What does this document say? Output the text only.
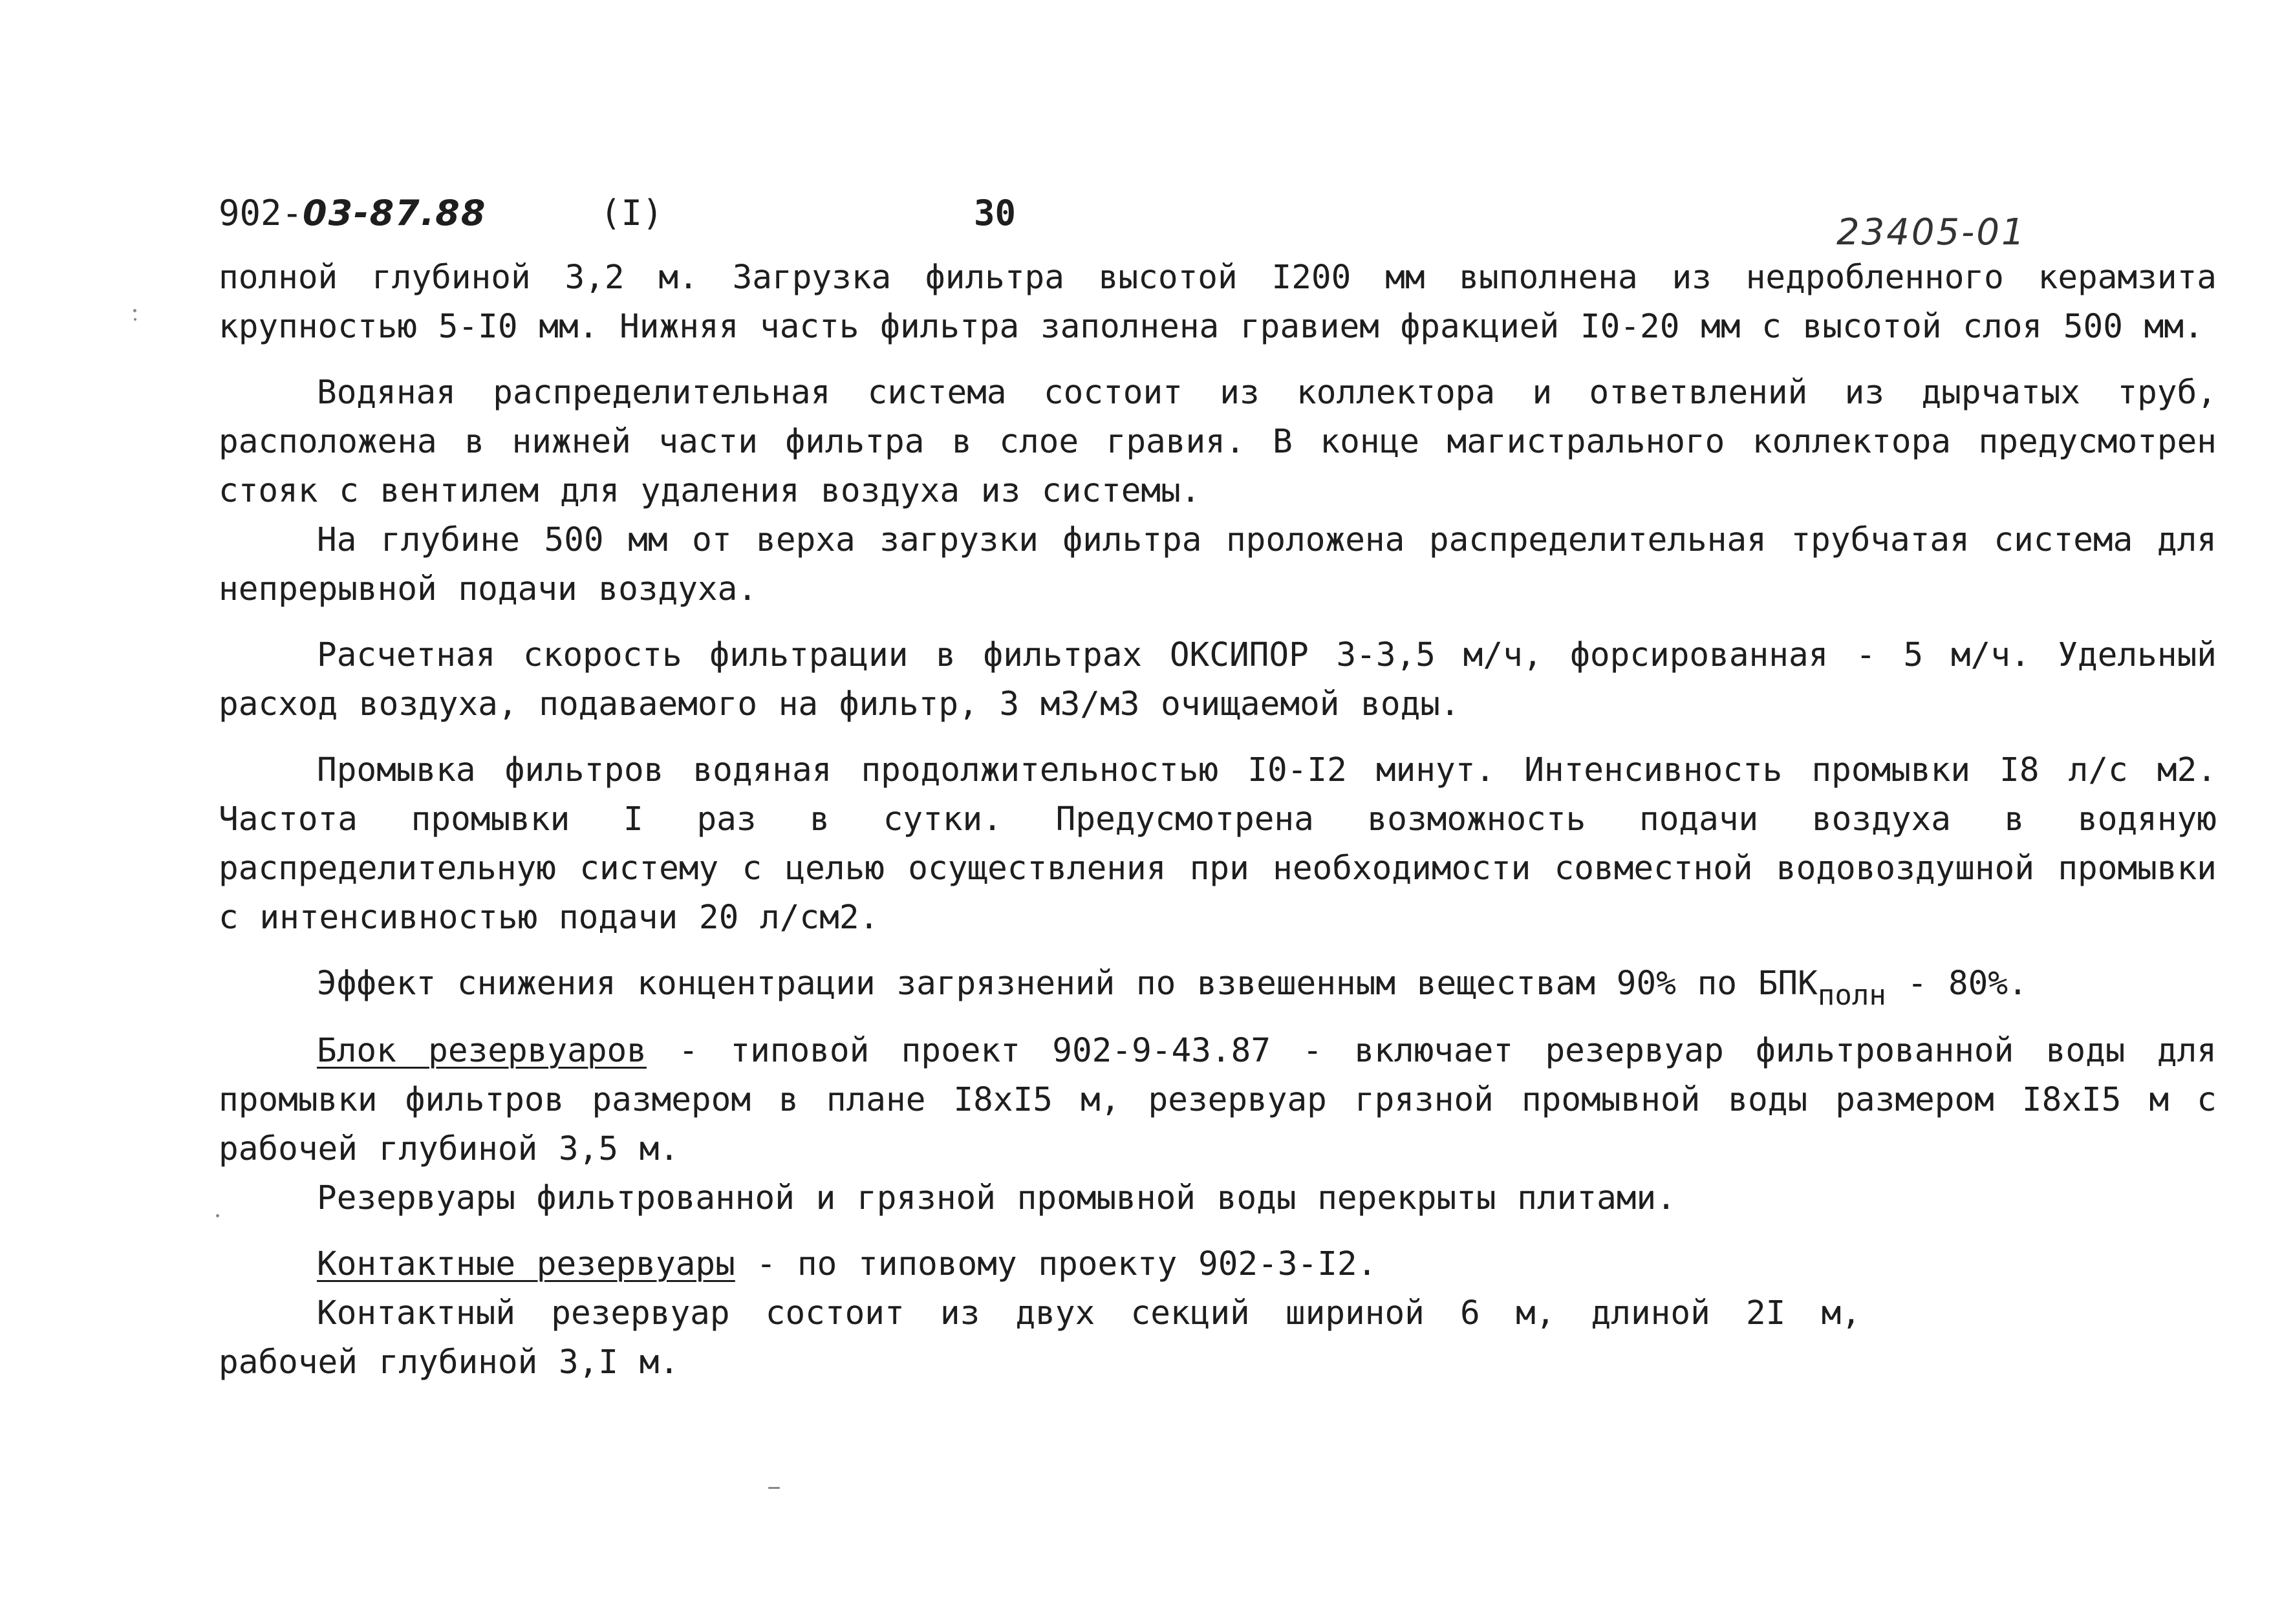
902-03-87.88	(I)	30	23405-01

полной глубиной 3,2 м. Загрузка фильтра высотой I200 мм выполнена из недробленного керамзита крупностью 5-I0 мм. Нижняя часть фильтра заполнена гравием фракцией I0-20 мм с высотой слоя 500 мм.

Водяная распределительная система состоит из коллектора и ответвлений из дырчатых труб, расположена в нижней части фильтра в слое гравия. В конце магистрального коллектора предусмотрен стояк с вентилем для удаления воздуха из системы.

На глубине 500 мм от верха загрузки фильтра проложена распределительная трубчатая система для непрерывной подачи воздуха.

Расчетная скорость фильтрации в фильтрах ОКСИПОР 3-3,5 м/ч, форсированная - 5 м/ч. Удельный расход воздуха, подаваемого на фильтр, 3 м3/м3 очищаемой воды.

Промывка фильтров водяная продолжительностью I0-I2 минут. Интенсивность промывки I8 л/с м2. Частота промывки I раз в сутки. Предусмотрена возможность подачи воздуха в водяную распределительную систему с целью осуществления при необходимости совместной водовоздушной промывки с интенсивностью подачи 20 л/см2.

Эффект снижения концентрации загрязнений по взвешенным веществам 90% по БПКполн - 80%.

Блок резервуаров - типовой проект 902-9-43.87 - включает резервуар фильтрованной воды для промывки фильтров размером в плане I8хI5 м, резервуар грязной промывной воды размером I8хI5 м с рабочей глубиной 3,5 м.

Резервуары фильтрованной и грязной промывной воды перекрыты плитами.

Контактные резервуары - по типовому проекту 902-3-I2.

Контактный резервуар состоит из двух секций шириной 6 м, длиной 2I м, рабочей глубиной 3,I м.
